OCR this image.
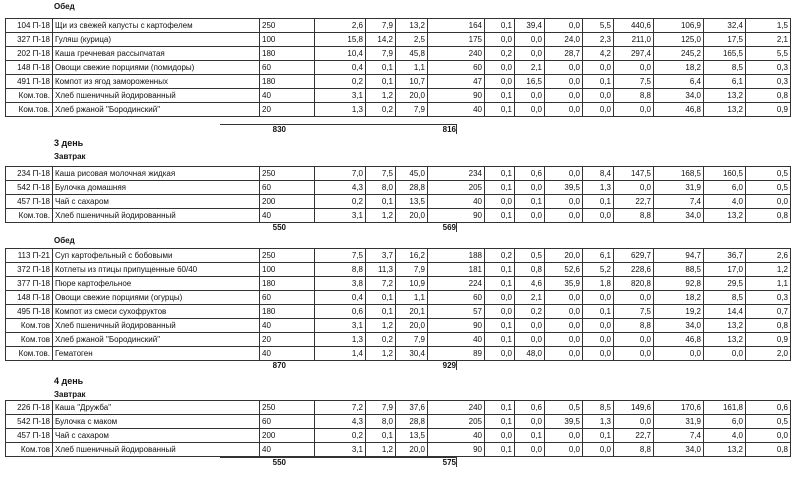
Обед
104 П-18	Щи из свежей капусты с картофелем	250	2,6	7,9	13,2	164	0,1	39,4	0,0	5,5	440,6	106,9	32,4	1,5
327 П-18	Гуляш (курица)	100	15,8	14,2	2,5	175	0,0	0,0	24,0	2,3	211,0	125,0	17,5	2,1
202 П-18	Каша гречневая рассыпчатая	180	10,4	7,9	45,8	240	0,2	0,0	28,7	4,2	297,4	245,2	165,5	5,5
148 П-18	Овощи свежие порциями (помидоры)	60	0,4	0,1	1,1	60	0,0	2,1	0,0	0,0	0,0	18,2	8,5	0,3
491 П-18	Компот из ягод замороженных	180	0,2	0,1	10,7	47	0,0	16,5	0,0	0,1	7,5	6,4	6,1	0,3
Ком.тов.	Хлеб пшеничный йодированный	40	3,1	1,2	20,0	90	0,1	0,0	0,0	0,0	8,8	34,0	13,2	0,8
Ком.тов.	Хлеб ржаной "Бородинский"	20	1,3	0,2	7,9	40	0,1	0,0	0,0	0,0	0,0	46,8	13,2	0,9
830	816
3 день
Завтрак
234 П-18	Каша рисовая молочная жидкая	250	7,0	7,5	45,0	234	0,1	0,6	0,0	8,4	147,5	168,5	160,5	0,5
542 П-18	Булочка домашняя	60	4,3	8,0	28,8	205	0,1	0,0	39,5	1,3	0,0	31,9	6,0	0,5
457 П-18	Чай с сахаром	200	0,2	0,1	13,5	40	0,0	0,1	0,0	0,1	22,7	7,4	4,0	0,0
Ком.тов.	Хлеб пшеничный йодированный	40	3,1	1,2	20,0	90	0,1	0,0	0,0	0,0	8,8	34,0	13,2	0,8
550	569
Обед
113 П-21	Суп картофельный с бобовыми	250	7,5	3,7	16,2	188	0,2	0,5	20,0	6,1	629,7	94,7	36,7	2,6
372 П-18	Котлеты из птицы припущенные 60/40	100	8,8	11,3	7,9	181	0,1	0,8	52,6	5,2	228,6	88,5	17,0	1,2
377 П-18	Пюре картофельное	180	3,8	7,2	10,9	224	0,1	4,6	35,9	1,8	820,8	92,8	29,5	1,1
148 П-18	Овощи свежие порциями (огурцы)	60	0,4	0,1	1,1	60	0,0	2,1	0,0	0,0	0,0	18,2	8,5	0,3
495 П-18	Компот из смеси сухофруктов	180	0,6	0,1	20,1	57	0,0	0,2	0,0	0,1	7,5	19,2	14,4	0,7
Ком.тов	Хлеб пшеничный йодированный	40	3,1	1,2	20,0	90	0,1	0,0	0,0	0,0	8,8	34,0	13,2	0,8
Ком.тов	Хлеб ржаной "Бородинский"	20	1,3	0,2	7,9	40	0,1	0,0	0,0	0,0	0,0	46,8	13,2	0,9
Ком.тов.	Гематоген	40	1,4	1,2	30,4	89	0,0	48,0	0,0	0,0	0,0	0,0	0,0	2,0
870	929
4 день
Завтрак
226 П-18	Каша "Дружба"	250	7,2	7,9	37,6	240	0,1	0,6	0,5	8,5	149,6	170,6	161,8	0,6
542 П-18	Булочка с маком	60	4,3	8,0	28,8	205	0,1	0,0	39,5	1,3	0,0	31,9	6,0	0,5
457 П-18	Чай с сахаром	200	0,2	0,1	13,5	40	0,0	0,1	0,0	0,1	22,7	7,4	4,0	0,0
Ком.тов	Хлеб пшеничный йодированный	40	3,1	1,2	20,0	90	0,1	0,0	0,0	0,0	8,8	34,0	13,2	0,8
550	575
